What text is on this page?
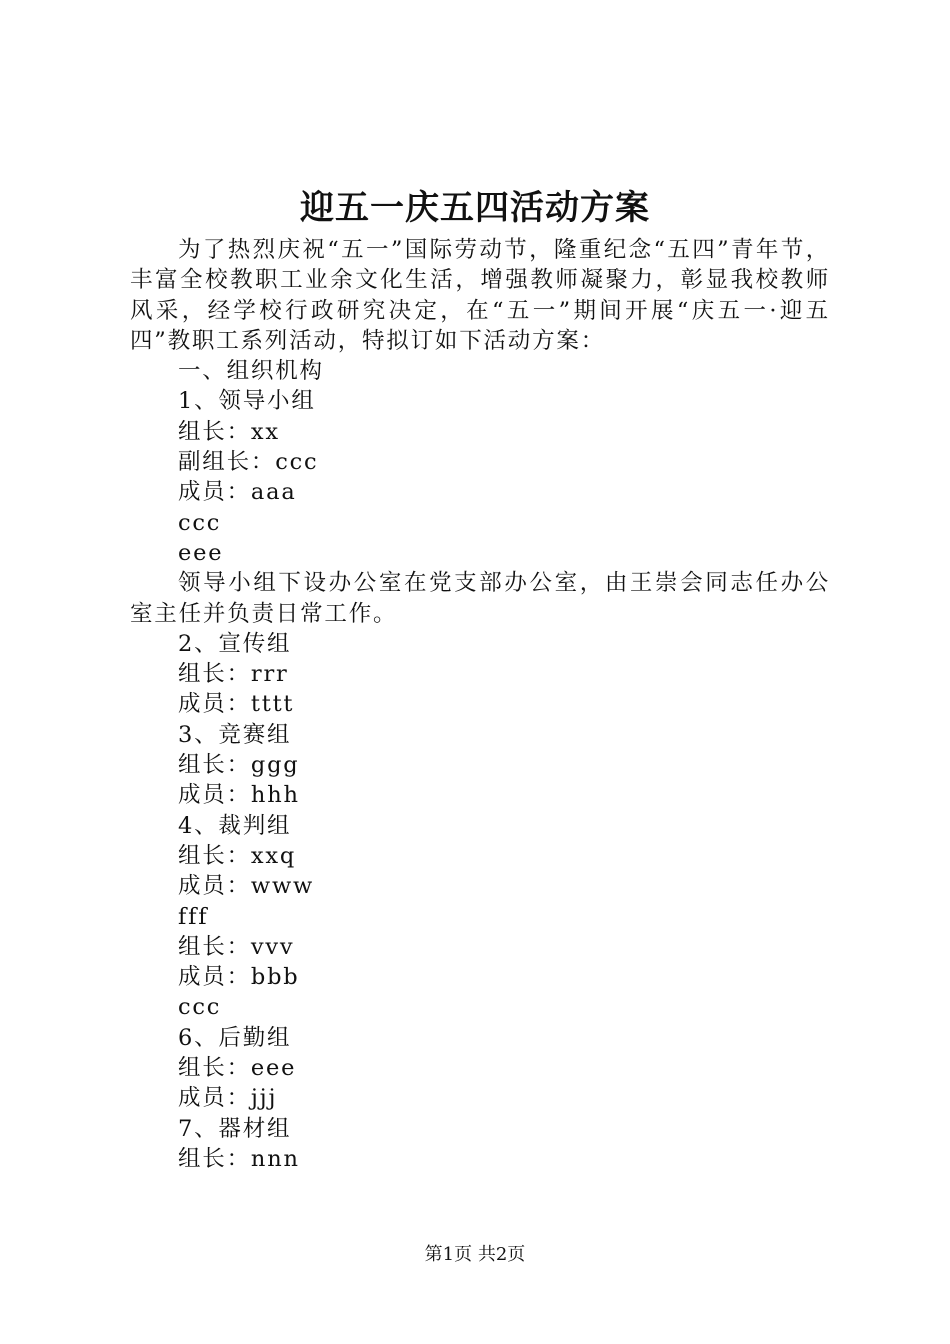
迎五一庆五四活动方案

为了热烈庆祝“五一”国际劳动节，隆重纪念“五四”青年节，丰富全校教职工业余文化生活，增强教师凝聚力，彰显我校教师风采，经学校行政研究决定，在“五一”期间开展“庆五一·迎五四”教职工系列活动，特拟订如下活动方案：

一、组织机构

1、领导小组

组长：xx

副组长：ccc

成员：aaa

ccc

eee

领导小组下设办公室在党支部办公室，由王崇会同志任办公室主任并负责日常工作。

2、宣传组

组长：rrr

成员：tttt

3、竞赛组

组长：ggg

成员：hhh

4、裁判组

组长：xxq

成员：www

fff

组长：vvv

成员：bbb

ccc

6、后勤组

组长：eee

成员：jjj

7、器材组

组长：nnn

第1页 共2页
